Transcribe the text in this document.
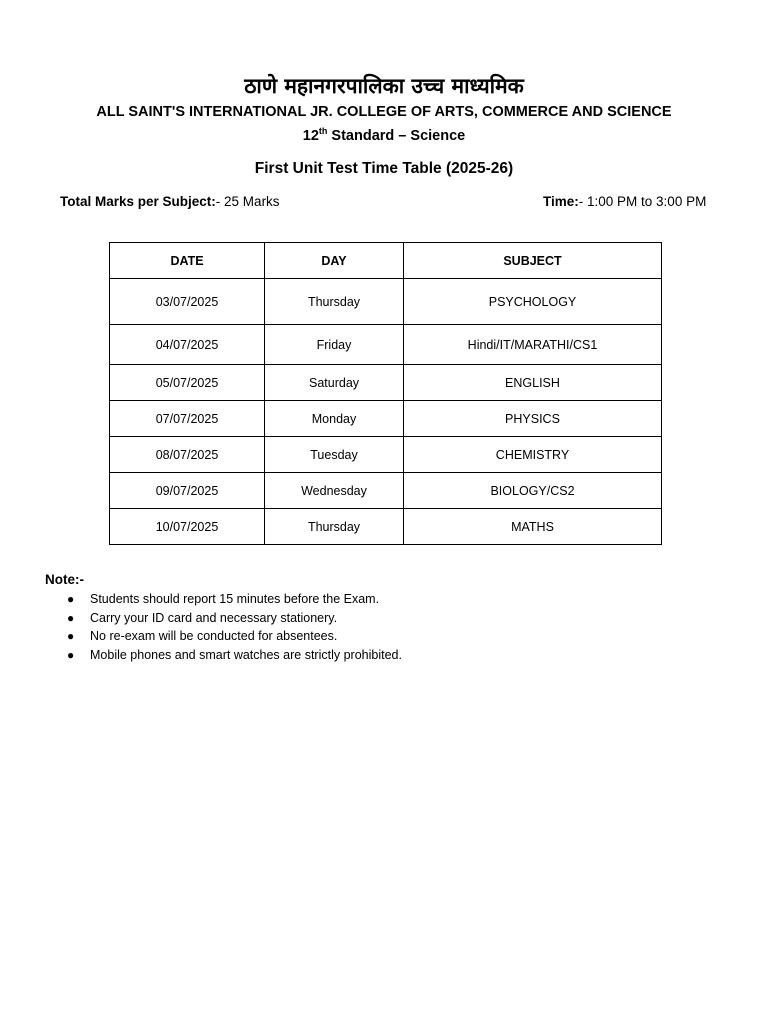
ठाणे महानगरपालिका उच्च माध्यमिक
ALL SAINT'S INTERNATIONAL JR. COLLEGE OF ARTS, COMMERCE AND SCIENCE
12th Standard – Science
First Unit Test Time Table (2025-26)
Total Marks per Subject:- 25 Marks	Time:- 1:00 PM to 3:00 PM
DATE	DAY	SUBJECT
03/07/2025	Thursday	PSYCHOLOGY
04/07/2025	Friday	Hindi/IT/MARATHI/CS1
05/07/2025	Saturday	ENGLISH
07/07/2025	Monday	PHYSICS
08/07/2025	Tuesday	CHEMISTRY
09/07/2025	Wednesday	BIOLOGY/CS2
10/07/2025	Thursday	MATHS
Note:-
● Students should report 15 minutes before the Exam.
● Carry your ID card and necessary stationery.
● No re-exam will be conducted for absentees.
● Mobile phones and smart watches are strictly prohibited.
